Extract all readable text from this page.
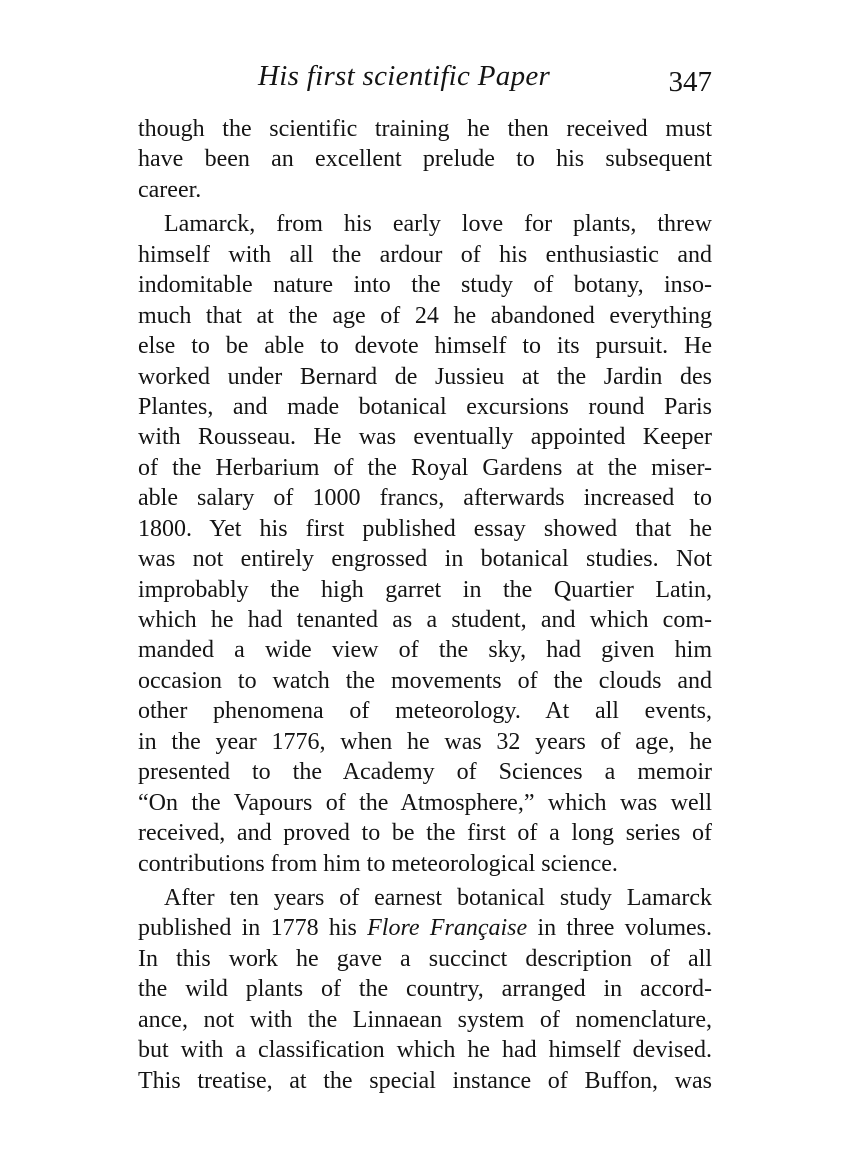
His first scientific Paper	347
though the scientific training he then received must
have been an excellent prelude to his subsequent
career.
Lamarck, from his early love for plants, threw
himself with all the ardour of his enthusiastic and
indomitable nature into the study of botany, inso-
much that at the age of 24 he abandoned everything
else to be able to devote himself to its pursuit. He
worked under Bernard de Jussieu at the Jardin des
Plantes, and made botanical excursions round Paris
with Rousseau. He was eventually appointed Keeper
of the Herbarium of the Royal Gardens at the miser-
able salary of 1000 francs, afterwards increased to
1800. Yet his first published essay showed that he
was not entirely engrossed in botanical studies. Not
improbably the high garret in the Quartier Latin,
which he had tenanted as a student, and which com-
manded a wide view of the sky, had given him
occasion to watch the movements of the clouds and
other phenomena of meteorology. At all events,
in the year 1776, when he was 32 years of age, he
presented to the Academy of Sciences a memoir
“On the Vapours of the Atmosphere,” which was well
received, and proved to be the first of a long series of
contributions from him to meteorological science.
After ten years of earnest botanical study Lamarck
published in 1778 his Flore Française in three volumes.
In this work he gave a succinct description of all
the wild plants of the country, arranged in accord-
ance, not with the Linnaean system of nomenclature,
but with a classification which he had himself devised.
This treatise, at the special instance of Buffon, was
